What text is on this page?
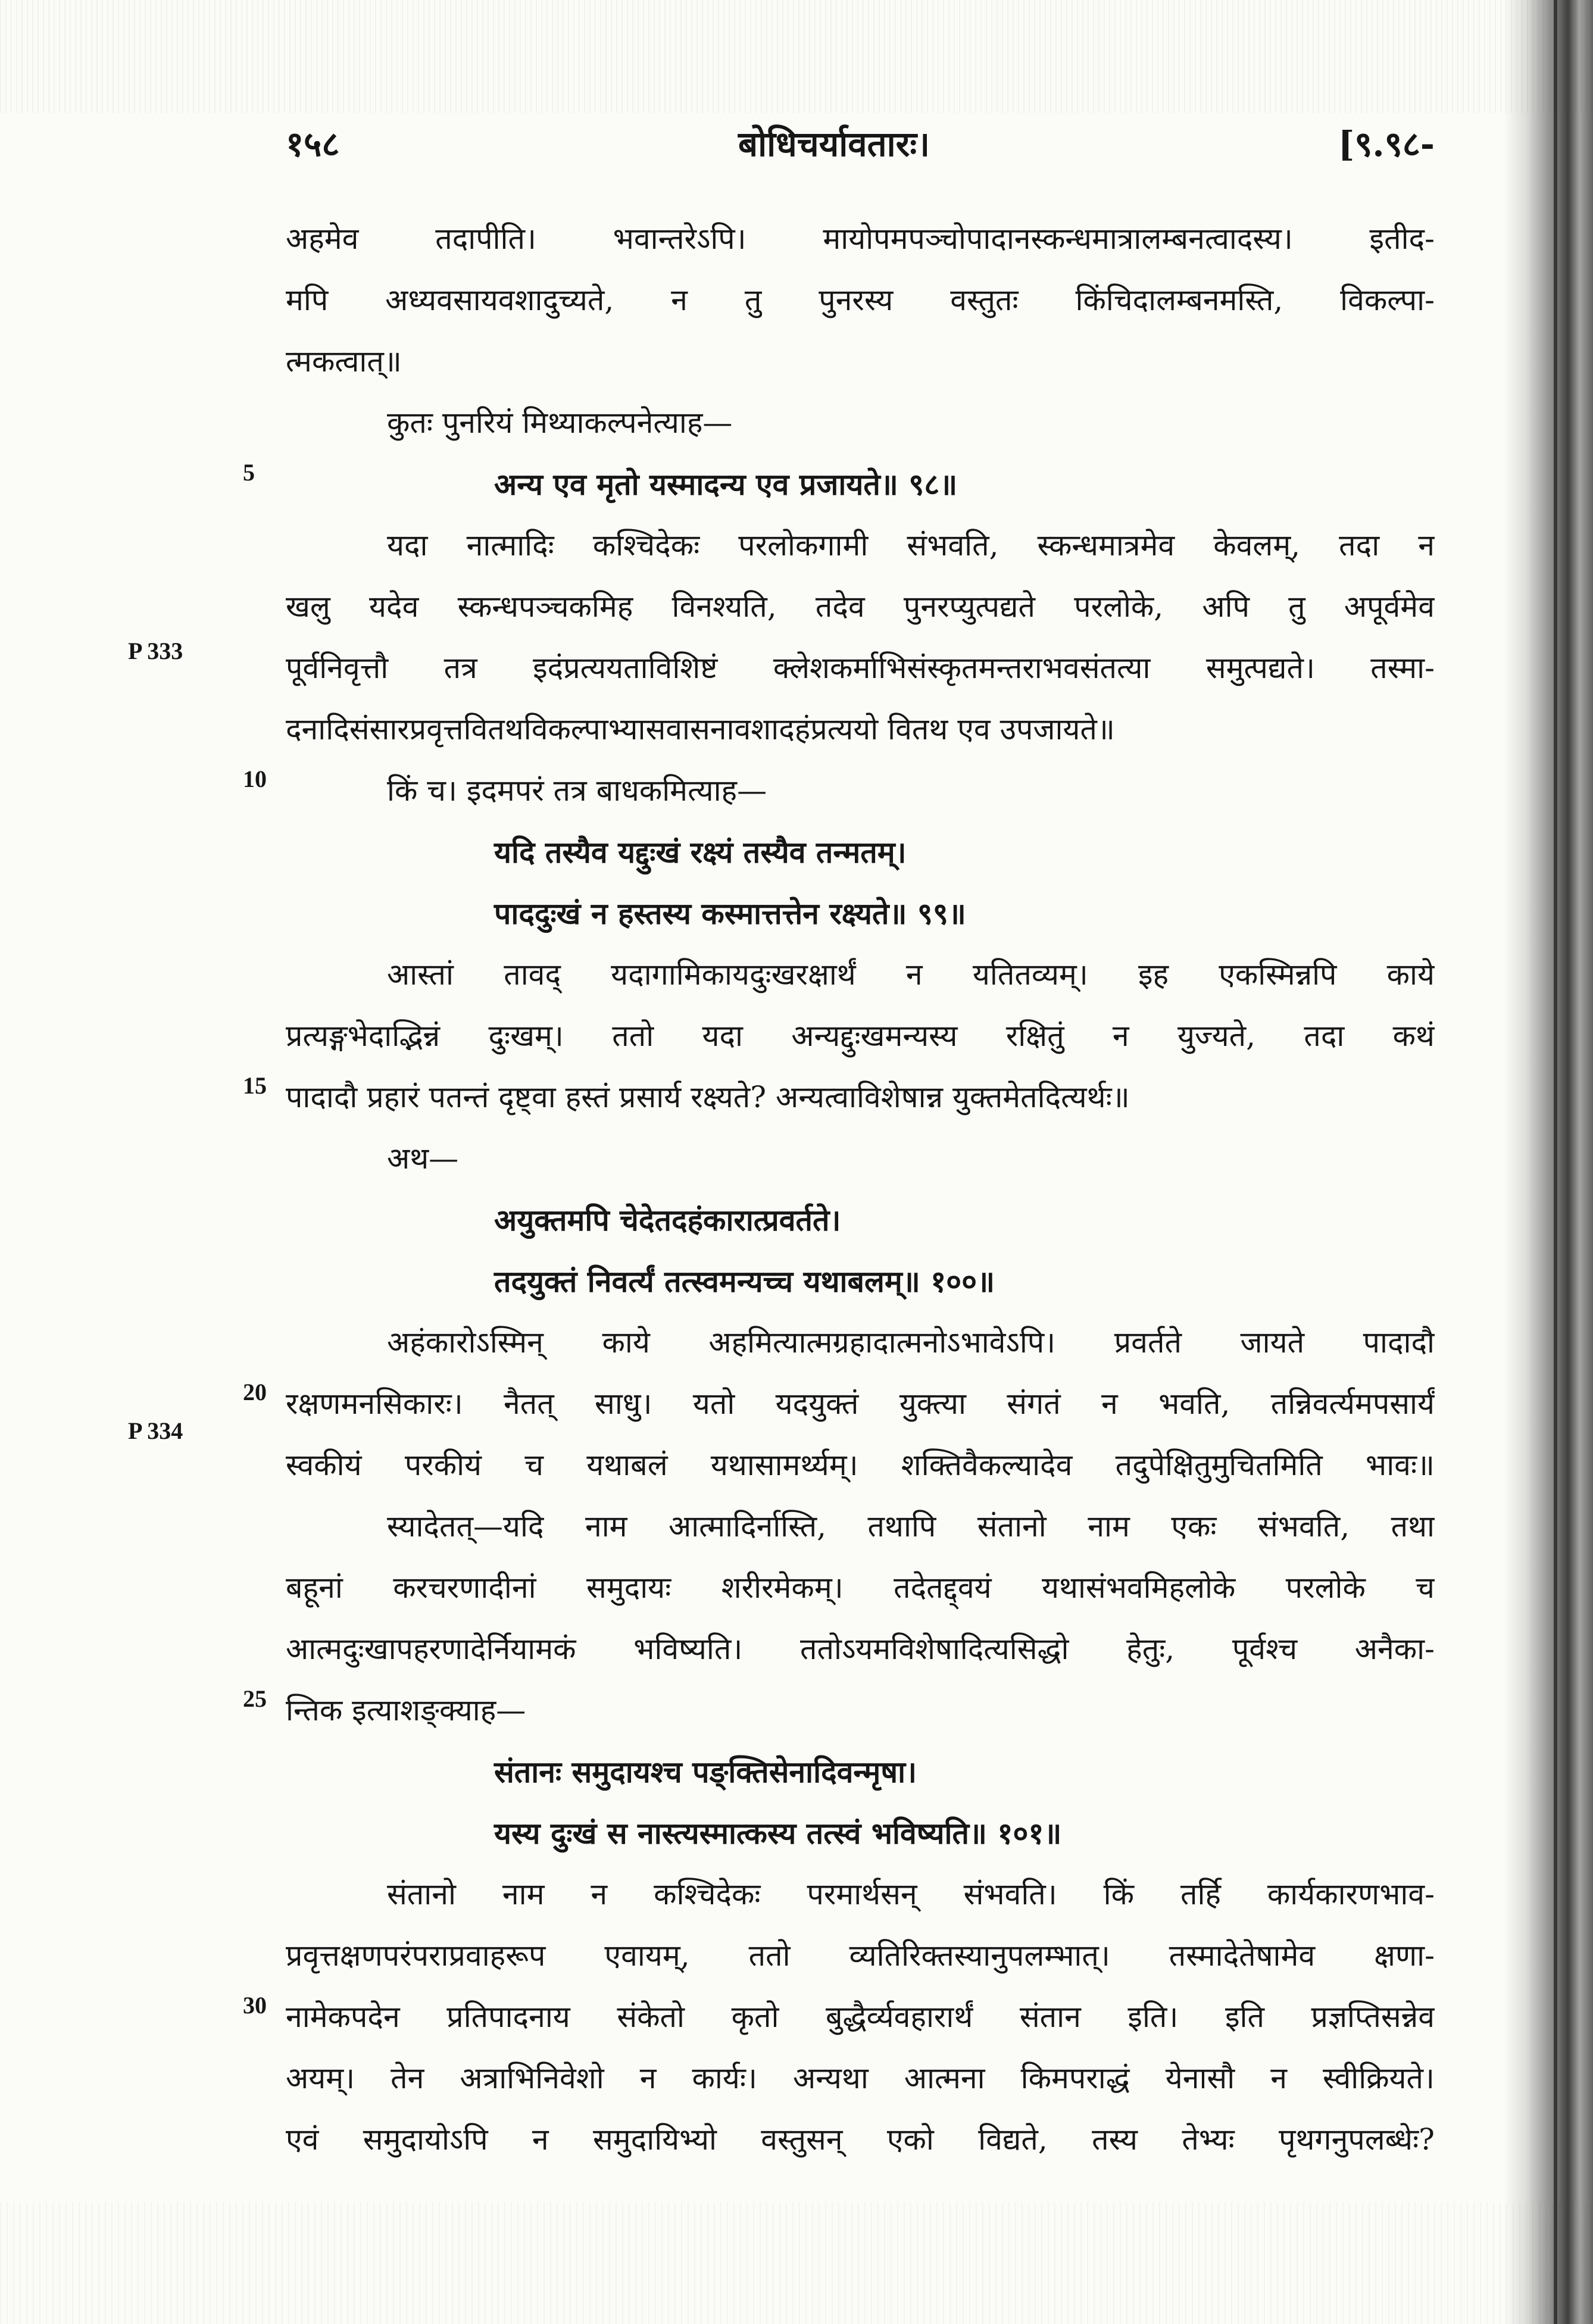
१५८	बोधिचर्यावतारः।	[९.९८-
5
10
15
20
25
30
P 333
P 334
अहमेव तदापीति। भवान्तरेऽपि। मायोपमपञ्चोपादानस्कन्धमात्रालम्बनत्वादस्य। इतीद-
मपि अध्यवसायवशादुच्यते, न तु पुनरस्य वस्तुतः किंचिदालम्बनमस्ति, विकल्पा-
त्मकत्वात्॥
कुतः पुनरियं मिथ्याकल्पनेत्याह—
अन्य एव मृतो यस्मादन्य एव प्रजायते॥ ९८॥
यदा नात्मादिः कश्चिदेकः परलोकगामी संभवति, स्कन्धमात्रमेव केवलम्, तदा न
खलु यदेव स्कन्धपञ्चकमिह विनश्यति, तदेव पुनरप्युत्पद्यते परलोके, अपि तु अपूर्वमेव
पूर्वनिवृत्तौ तत्र इदंप्रत्ययताविशिष्टं क्लेशकर्माभिसंस्कृतमन्तराभवसंतत्या समुत्पद्यते। तस्मा-
दनादिसंसारप्रवृत्तवितथविकल्पाभ्यासवासनावशादहंप्रत्ययो वितथ एव उपजायते॥
किं च। इदमपरं तत्र बाधकमित्याह—
यदि तस्यैव यद्दुःखं रक्ष्यं तस्यैव तन्मतम्।
पाददुःखं न हस्तस्य कस्मात्तत्तेन रक्ष्यते॥ ९९॥
आस्तां तावद् यदागामिकायदुःखरक्षार्थं न यतितव्यम्। इह एकस्मिन्नपि काये
प्रत्यङ्गभेदाद्भिन्नं दुःखम्। ततो यदा अन्यद्दुःखमन्यस्य रक्षितुं न युज्यते, तदा कथं
पादादौ प्रहारं पतन्तं दृष्ट्वा हस्तं प्रसार्य रक्ष्यते? अन्यत्वाविशेषान्न युक्तमेतदित्यर्थः॥
अथ—
अयुक्तमपि चेदेतदहंकारात्प्रवर्तते।
तदयुक्तं निवर्त्यं तत्स्वमन्यच्च यथाबलम्॥ १००॥
अहंकारोऽस्मिन् काये अहमित्यात्मग्रहादात्मनोऽभावेऽपि। प्रवर्तते जायते पादादौ
रक्षणमनसिकारः। नैतत् साधु। यतो यदयुक्तं युक्त्या संगतं न भवति, तन्निवर्त्यमपसार्यं
स्वकीयं परकीयं च यथाबलं यथासामर्थ्यम्। शक्तिवैकल्यादेव तदुपेक्षितुमुचितमिति भावः॥
स्यादेतत्—यदि नाम आत्मादिर्नास्ति, तथापि संतानो नाम एकः संभवति, तथा
बहूनां करचरणादीनां समुदायः शरीरमेकम्। तदेतद्द्वयं यथासंभवमिहलोके परलोके च
आत्मदुःखापहरणादेर्नियामकं भविष्यति। ततोऽयमविशेषादित्यसिद्धो हेतुः, पूर्वश्च अनैका-
न्तिक इत्याशङ्क्याह—
संतानः समुदायश्च पङ्क्तिसेनादिवन्मृषा।
यस्य दुःखं स नास्त्यस्मात्कस्य तत्स्वं भविष्यति॥ १०१॥
संतानो नाम न कश्चिदेकः परमार्थसन् संभवति। किं तर्हि कार्यकारणभाव-
प्रवृत्तक्षणपरंपराप्रवाहरूप एवायम्, ततो व्यतिरिक्तस्यानुपलम्भात्। तस्मादेतेषामेव क्षणा-
नामेकपदेन प्रतिपादनाय संकेतो कृतो बुद्धैर्व्यवहारार्थं संतान इति। इति प्रज्ञप्तिसन्नेव
अयम्। तेन अत्राभिनिवेशो न कार्यः। अन्यथा आत्मना किमपराद्धं येनासौ न स्वीक्रियते।
एवं समुदायोऽपि न समुदायिभ्यो वस्तुसन् एको विद्यते, तस्य तेभ्यः पृथगनुपलब्धेः?
